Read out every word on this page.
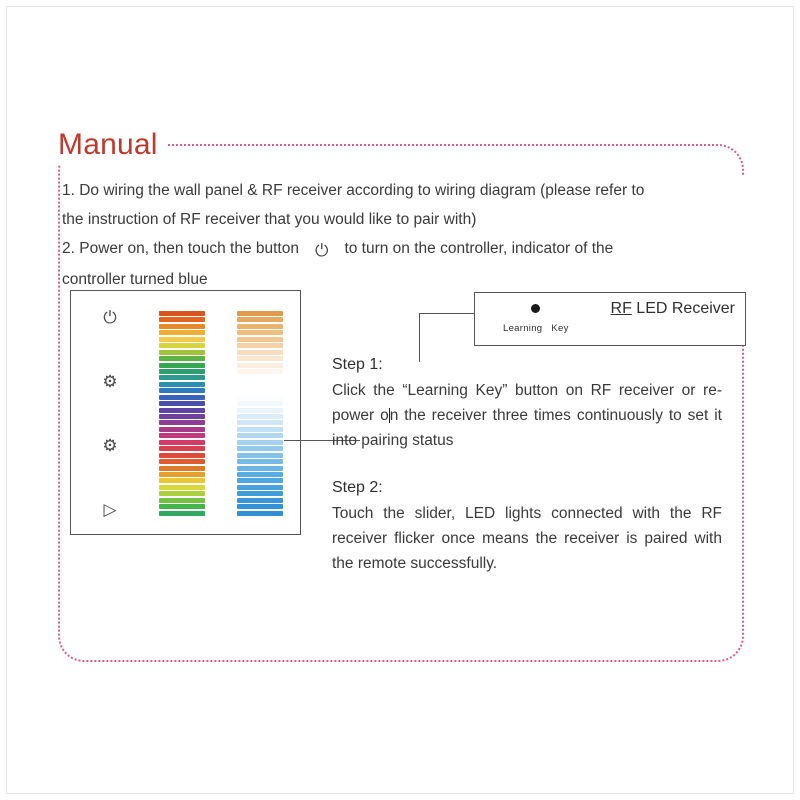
Manual
1. Do wiring the wall panel & RF receiver according to wiring diagram (please refer to
the instruction of RF receiver that you would like to pair with)
2. Power on, then touch the button ⏻ to turn on the controller, indicator of the
controller turned blue
⏻
⚙
⚙
▷
RF LED Receiver
Learning Key
Step 1:
Click the “Learning Key” button on RF receiver or re-power on the receiver three times continuously to set it into pairing status
Step 2:
Touch the slider, LED lights connected with the RF receiver flicker once means the receiver is paired with the remote successfully.
